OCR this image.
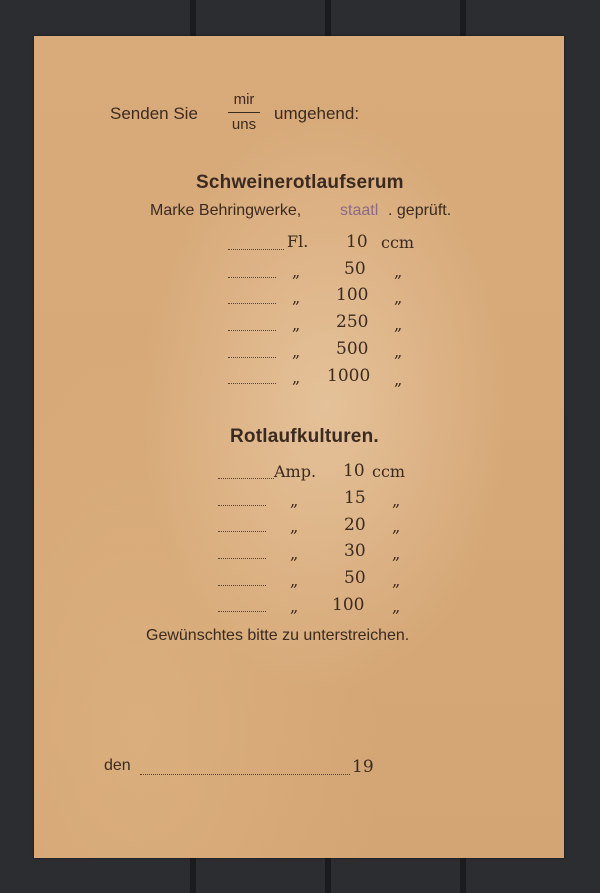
Senden Sie
mir
uns
umgehend:
Schweinerotlaufserum
Marke Behringwerke, staatl . geprüft.
Fl. 10 ccm
„	50 „
„ 100 „
„ 250 „
„ 500 „
„ 1000 „
Rotlaufkulturen.
Amp. 10 ccm
„	15 „
„	20 „
„	30 „
„	50 „
„ 100 „
Gewünschtes bitte zu unterstreichen.
den	19
